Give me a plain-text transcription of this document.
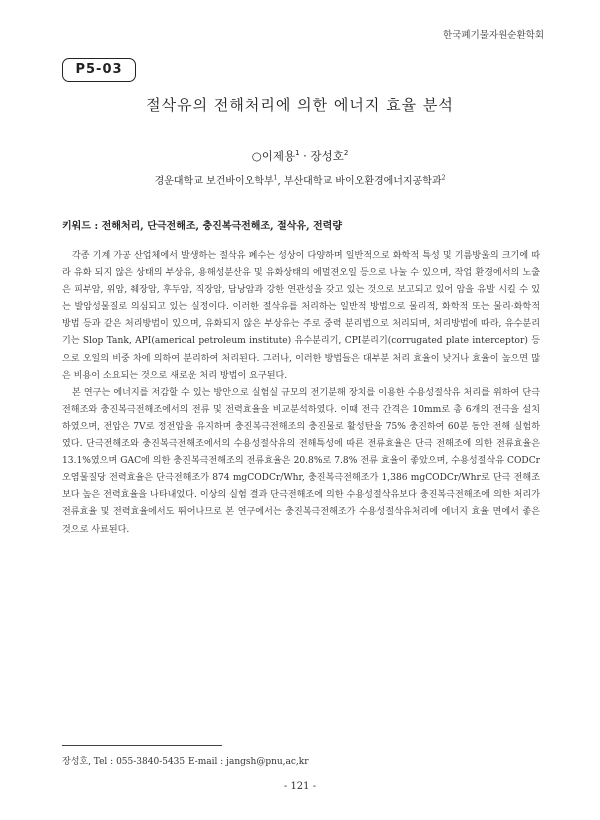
한국폐기물자원순환학회
P5-03
절삭유의 전해처리에 의한 에너지 효율 분석
○이제용$^1$ · 장성호$^2$
경운대학교 보건바이오학부$^1$, 부산대학교 바이오환경에너지공학과$^2$
키워드 : 전해처리, 단극전해조, 충진복극전해조, 절삭유, 전력량

각종 기계 가공 산업체에서 발생하는 절삭유 폐수는 성상이 다양하며 일반적으로 화학적 특성 및 기름방울의 크기에 따라 유화 되지 않은 상태의 부상유, 용해성분산유 및 유화상태의 에멀젼오일 등으로 나눌 수 있으며, 작업 환경에서의 노출은 피부암, 위암, 췌장암, 후두암, 직장암, 담낭암과 강한 연관성을 갖고 있는 것으로 보고되고 있어 암을 유발 시킬 수 있는 발암성물질로 의심되고 있는 실정이다. 이러한 절삭유를 처리하는 일반적 방법으로 물리적, 화학적 또는 물리·화학적 방법 등과 같은 처리방법이 있으며, 유화되지 않은 부상유는 주로 중력 분리법으로 처리되며, 처리방법에 따라, 유수분리기는 Slop Tank, API(americal petroleum institute) 유수분리기, CPI분리기(corrugated plate interceptor) 등으로 오일의 비중 차에 의하여 분리하여 처리된다. 그러나, 이러한 방법들은 대부분 처리 효율이 낮거나 효율이 높으면 많은 비용이 소요되는 것으로 새로운 처리 방법이 요구된다.

본 연구는 에너지를 저감할 수 있는 방안으로 실험실 규모의 전기분해 장치를 이용한 수용성절삭유 처리를 위하여 단극전해조와 충진복극전해조에서의 전류 및 전력효율을 비교분석하였다. 이때 전극 간격은 10mm로 총 6개의 전극을 설치하였으며, 전압은 7V로 정전압을 유지하며 충진복극전해조의 충진물로 활성탄을 75% 충진하여 60분 동안 전해 실험하였다. 단극전해조와 충진복극전해조에서의 수용성절삭유의 전해특성에 따른 전류효율은 단극 전해조에 의한 전류효율은 13.1%였으며 GAC에 의한 충진복극전해조의 전류효율은 20.8%로 7.8% 전류 효율이 좋았으며, 수용성절삭유 CODCr 오염물질당 전력효율은 단극전해조가 874 mgCODCr/Whr, 충진복극전해조가 1,386 mgCODCr/Whr로 단극 전해조보다 높은 전력효율을 나타내었다. 이상의 실험 결과 단극전해조에 의한 수용성절삭유보다 충진복극전해조에 의한 처리가 전류효율 및 전력효율에서도 뛰어나므로 본 연구에서는 충진복극전해조가 수용성절삭유처리에 에너지 효율 면에서 좋은 것으로 사료된다.

장성호, Tel : 055-3840-5435 E-mail : jangsh@pnu,ac,kr
- 121 -
